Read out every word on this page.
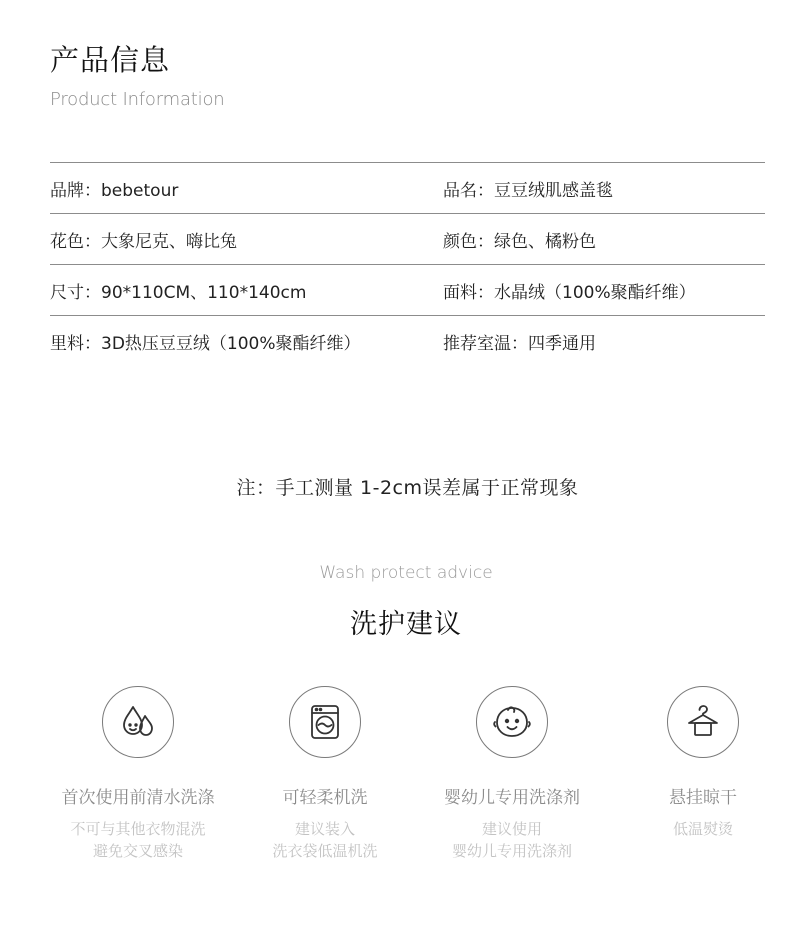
产品信息
Product Information
品牌：bebetour	品名：豆豆绒肌感盖毯
花色：大象尼克、嗨比兔	颜色：绿色、橘粉色
尺寸：90*110CM、110*140cm	面料：水晶绒（100%聚酯纤维）
里料：3D热压豆豆绒（100%聚酯纤维）	推荐室温：四季通用
注：手工测量 1-2cm误差属于正常现象
Wash protect advice
洗护建议
首次使用前清水洗涤
不可与其他衣物混洗
避免交叉感染
可轻柔机洗
建议装入
洗衣袋低温机洗
婴幼儿专用洗涤剂
建议使用
婴幼儿专用洗涤剂
悬挂晾干
低温熨烫
